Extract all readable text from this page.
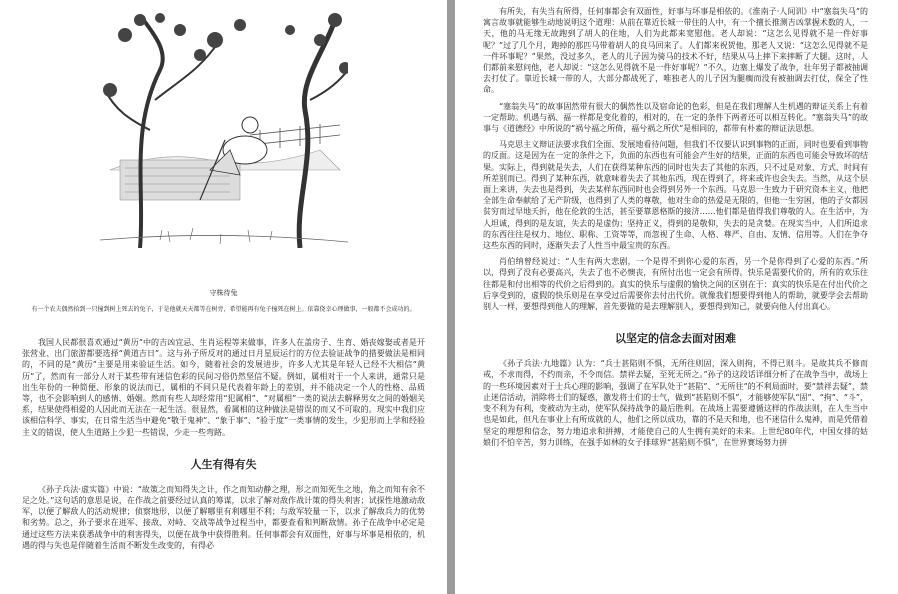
守株待兔
有一个农夫偶然拾到一只撞到树上死去的兔子，于是他就天天都等在树旁，希望能再有兔子撞死在树上。依靠侥幸心理做事，一般都不会成功的。

我国人民都很喜欢通过“黄历”中的吉凶宜忌、生肖运程等来做事，许多人在盖房子、生育、婚丧嫁娶或者是开张营业、出门旅游都要选择“黄道吉日”。这与孙子所反对的通过日月星辰运行的方位去验证战争的措要做法是相同的，不同的是“黄历”主要是用来验证生活。如今，随着社会的发展进步，许多人尤其是年轻人已经不大相信“黄历”了，然而有一部分人对于某些带有迷信色彩的民间习俗仍然坚信不疑。例如，属相对于一个人来讲，通常只是出生年份的一种简便、形象的说法而已，属相的不同只是代表着年龄上的差别，并不能决定一个人的性格、品质等，也不会影响到人的感情、婚姻。然而有些人却经常用“犯属相”、“对属相”一类的说法去解释男女之间的婚姻关系，结果使得相爱的人因此而无法在一起生活。很显然，看属相的这种做法是错误的而又不可取的。现实中我们应该相信科学、事实，在日常生活当中避免“敬于鬼神”、“象于事”、“验于度”一类事情的发生，少犯形而上学和经验主义的错误，使人生道路上少犯一些错误，少走一些弯路。

人生有得有失

《孙子兵法·虚实篇》中说：“故策之而知得失之计，作之而知动静之理，形之而知死生之地，角之而知有余不足之处。”这句话的意思是说，在作战之前要经过认真的筹谋，以求了解对敌作战计策的得失利害；试探性地激动敌军，以便了解敌人的活动规律；侦察地形，以便了解哪里有利哪里不利；与敌军较量一下，以求了解敌兵力的优势和劣势。总之，孙子要求在进军、接敌、对峙、交战等战争过程当中，都要查看和判断敌情。孙子在战争中必定是通过这些方法来获悉战争中的利害得失，以便在战争中获得胜利。任何事都会有双面性，好事与坏事是相依的，机遇的得与失也是伴随着生活而不断发生改变的，有得必

有所失，有失当有所得，任何事都会有双面性，好事与坏事是相依的。《淮南子·人间训》中“塞翁失马”的寓言故事就能够生动地说明这个道理：从前在靠近长城一带住的人中，有一个擅长推测吉凶掌握术数的人，一天，他的马无缘无故跑到了胡人的住地，人们为此都来宽慰他。老人却说：“这怎么见得就不是一件好事呢？”过了几个月，跑掉的那匹马带着胡人的良马回来了。人们都来祝贺他，那老人又说：“这怎么见得就不是一件坏事呢？”果然，没过多久，老人的儿子因为骑马的技术不好，结果从马上摔下来摔断了大腿。这时，人们都前来慰问他，老人却说：“这怎么见得就不是一件好事呢？”不久，边塞上爆发了战争，壮年男子都被抽调去打仗了。靠近长城一带的人，大部分都战死了，唯独老人的儿子因为腿瘸而没有被抽调去打仗，保全了性命。

“塞翁失马”的故事固然带有很大的偶然性以及宿命论的色彩，但是在我们理解人生机遇的辩证关系上有着一定帮助。机遇与祸、福一样都是变化着的，相对的，在一定的条件下两者还可以相互转化。“塞翁失马”的故事与《道德经》中所说的“祸兮福之所倚，福兮祸之所伏”是相同的，都带有朴素的辩证法思想。

马克思主义辩证法要求我们全面、发展地看待问题，但我们不仅要认识到事物的正面，同时也要看到事物的反面。这是因为在一定的条件之下，负面的东西也有可能会产生好的结果，正面的东西也可能会导致坏的结果。实际上，得到就是失去，人们在获得某种东西的同时也失去了其他的东西，只不过是对象、方式、时间有所差别而已。得到了某种东西，就意味着失去了其他东西，现在得到了，将来或许也会失去。当然，从这个层面上来讲，失去也是得到，失去某样东西同时也会得到另外一个东西。马克思一生致力于研究资本主义，他把全部生命奉献给了无产阶级，也得到了人类的尊敬，他对生命的热爱是无限的，但他一生穷困，他的子女都因贫穷而过早地夭折，他在伦敦的生活，甚至要靠恩格斯的接济……他们都是值得我们尊敬的人。在生活中，为人坦诚，得到的是友谊，失去的是虚伪；坚持正义，得到的是敬仰，失去的是贪婪。在现实当中，人们所追求的东西往往是权力、地位、职称、工资等等，而忽视了生命、人格、尊严、自由、友情、信用等。人们在争夺这些东西的同时，逐渐失去了人性当中最宝贵的东西。

肖伯纳曾经说过：“人生有两大悲剧，一个是得不到你心爱的东西，另一个是你得到了心爱的东西。”所以，得到了没有必要高兴，失去了也不必懊丧，有所付出也一定会有所得。快乐是需要代价的，所有的欢乐往往都是和付出相等的代价之后得到的。真实的快乐与虚假的愉快之间的区别在于：真实的快乐是在付出代价之后享受到的，虚假的快乐则是在享受过后需要你去付出代价。就像我们想要得到他人的帮助，就要学会去帮助别人一样，要想得到他人的理解，首先要做的是去理解别人，要想得到知己，就要向他人付出真心。

以坚定的信念去面对困难

《孙子兵法·九地篇》认为：“兵士甚陷则不惧，无所往则固，深入则拘，不得已则斗。是故其兵不修而戒，不求而得，不约而亲，不令而信。禁祥去疑，至死无所之。”孙子的这段话详细分析了在战争当中，战场上的一些环境因素对于士兵心理的影响，强调了在军队处于“甚陷”、“无所往”的不利局面时，要“禁祥去疑”，禁止迷信活动，消除将士们的疑惑，激发将士们的士气，做到“甚陷则不惧”，才能够使军队“固”、“拘”、“斗”，变不利为有利，变被动为主动，使军队保持战争的最后胜利。在战场上需要遵循这样的作战法则，在人生当中也是如此，但凡在事业上有所成就的人，他们之所以成功，靠的不是天和地，也不迷信什么鬼神，而是凭借着坚定的理想和信念，努力地追求和拼搏，才能使自己的人生拥有美好的未来。上世纪80年代，中国女排的姑娘们不怕辛苦，努力训练，在强手如林的女子排球界“甚陷则不惧”，在世界赛场努力拼
